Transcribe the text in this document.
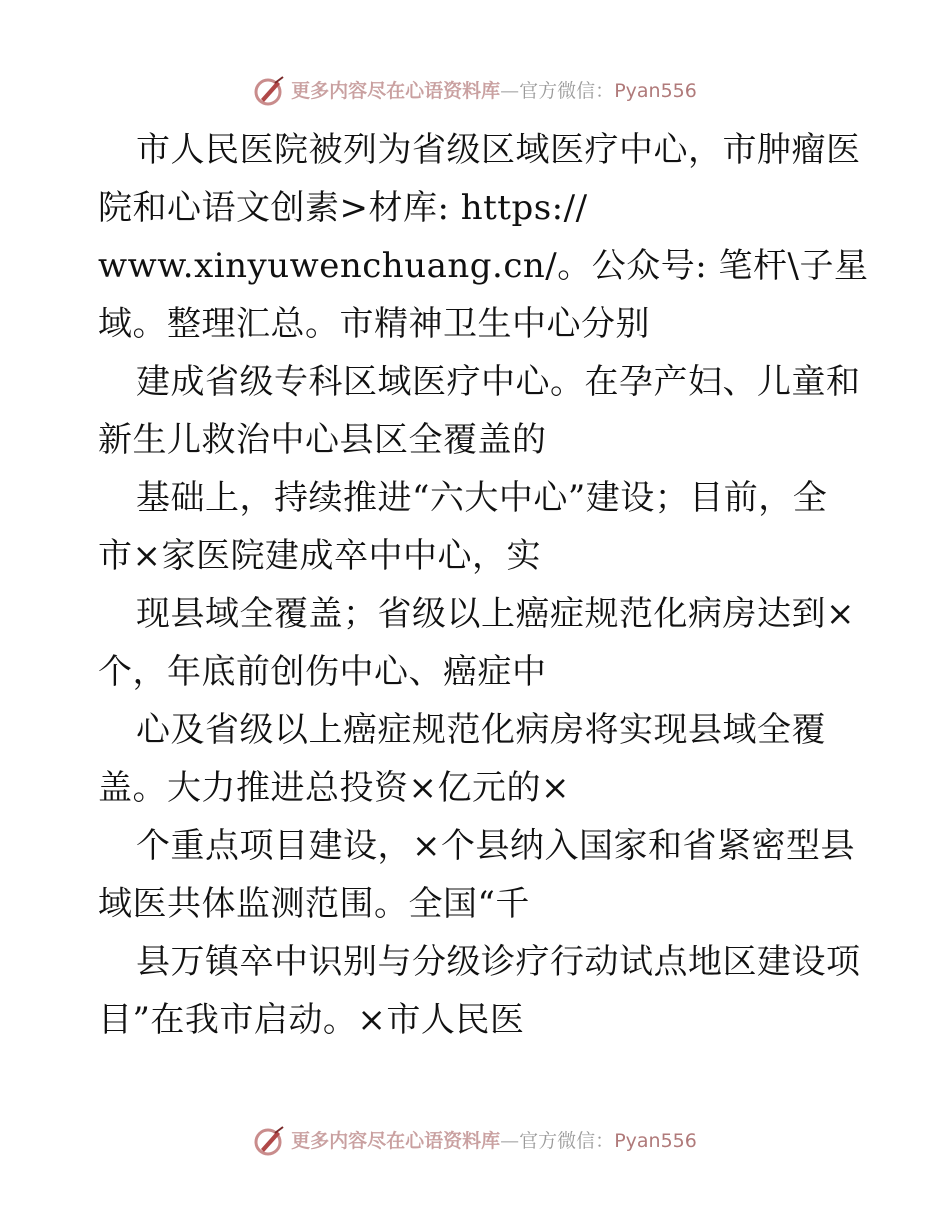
更多内容尽在心语资料库 — 官方微信： Pyan556
市人民医院被列为省级区域医疗中心，市肿瘤医
院和心语文创素>材库: https://
www.xinyuwenchuang.cn/。公众号: 笔杆\子星
域。整理汇总。市精神卫生中心分别
建成省级专科区域医疗中心。在孕产妇、儿童和
新生儿救治中心县区全覆盖的
基础上，持续推进“六大中心”建设；目前，全
市×家医院建成卒中中心，实
现县域全覆盖；省级以上癌症规范化病房达到×
个，年底前创伤中心、癌症中
心及省级以上癌症规范化病房将实现县域全覆
盖。大力推进总投资×亿元的×
个重点项目建设，×个县纳入国家和省紧密型县
域医共体监测范围。全国“千
县万镇卒中识别与分级诊疗行动试点地区建设项
目”在我市启动。×市人民医
更多内容尽在心语资料库 — 官方微信： Pyan556
